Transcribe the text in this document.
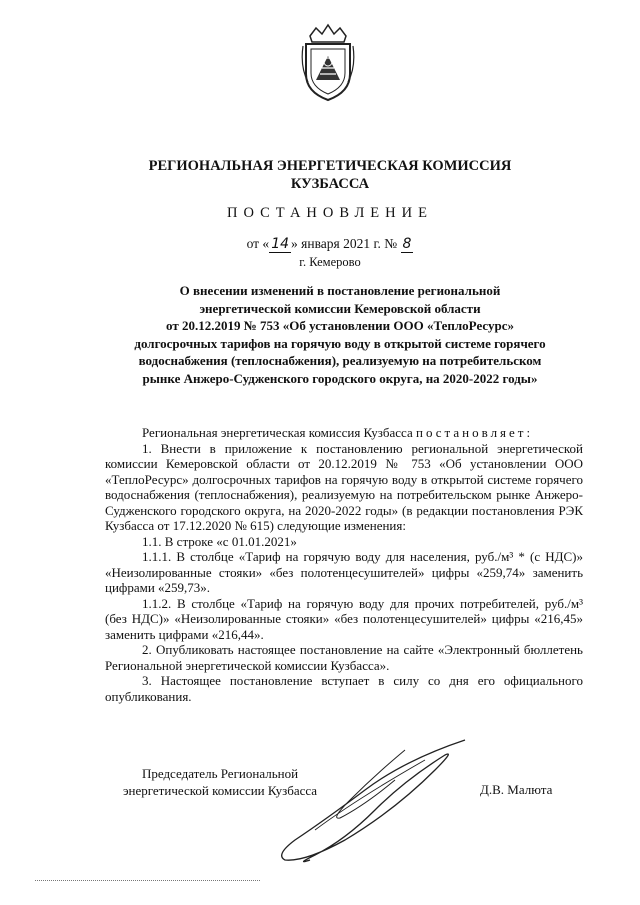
РЕГИОНАЛЬНАЯ ЭНЕРГЕТИЧЕСКАЯ КОМИССИЯ
КУЗБАССА
ПОСТАНОВЛЕНИЕ
от « 14 » января 2021 г. № 8
г. Кемерово
О внесении изменений в постановление региональной
энергетической комиссии Кемеровской области
от 20.12.2019 № 753 «Об установлении ООО «ТеплоРесурс»
долгосрочных тарифов на горячую воду в открытой системе горячего
водоснабжения (теплоснабжения), реализуемую на потребительском
рынке Анжеро-Судженского городского округа, на 2020-2022 годы»

Региональная энергетическая комиссия Кузбасса постановляет:

1. Внести в приложение к постановлению региональной энергетической комиссии Кемеровской области от 20.12.2019 № 753 «Об установлении ООО «ТеплоРесурс» долгосрочных тарифов на горячую воду в открытой системе горячего водоснабжения (теплоснабжения), реализуемую на потребительском рынке Анжеро-Судженского городского округа, на 2020-2022 годы» (в редакции постановления РЭК Кузбасса от 17.12.2020 № 615) следующие изменения:

1.1. В строке «с 01.01.2021»

1.1.1. В столбце «Тариф на горячую воду для населения, руб./м³ * (с НДС)» «Неизолированные стояки» «без полотенцесушителей» цифры «259,74» заменить цифрами «259,73».

1.1.2. В столбце «Тариф на горячую воду для прочих потребителей, руб./м³ (без НДС)» «Неизолированные стояки» «без полотенцесушителей» цифры «216,45» заменить цифрами «216,44».

2. Опубликовать настоящее постановление на сайте «Электронный бюллетень Региональной энергетической комиссии Кузбасса».

3. Настоящее постановление вступает в силу со дня его официального опубликования.

Председатель Региональной
энергетической комиссии Кузбасса	Д.В. Малюта
